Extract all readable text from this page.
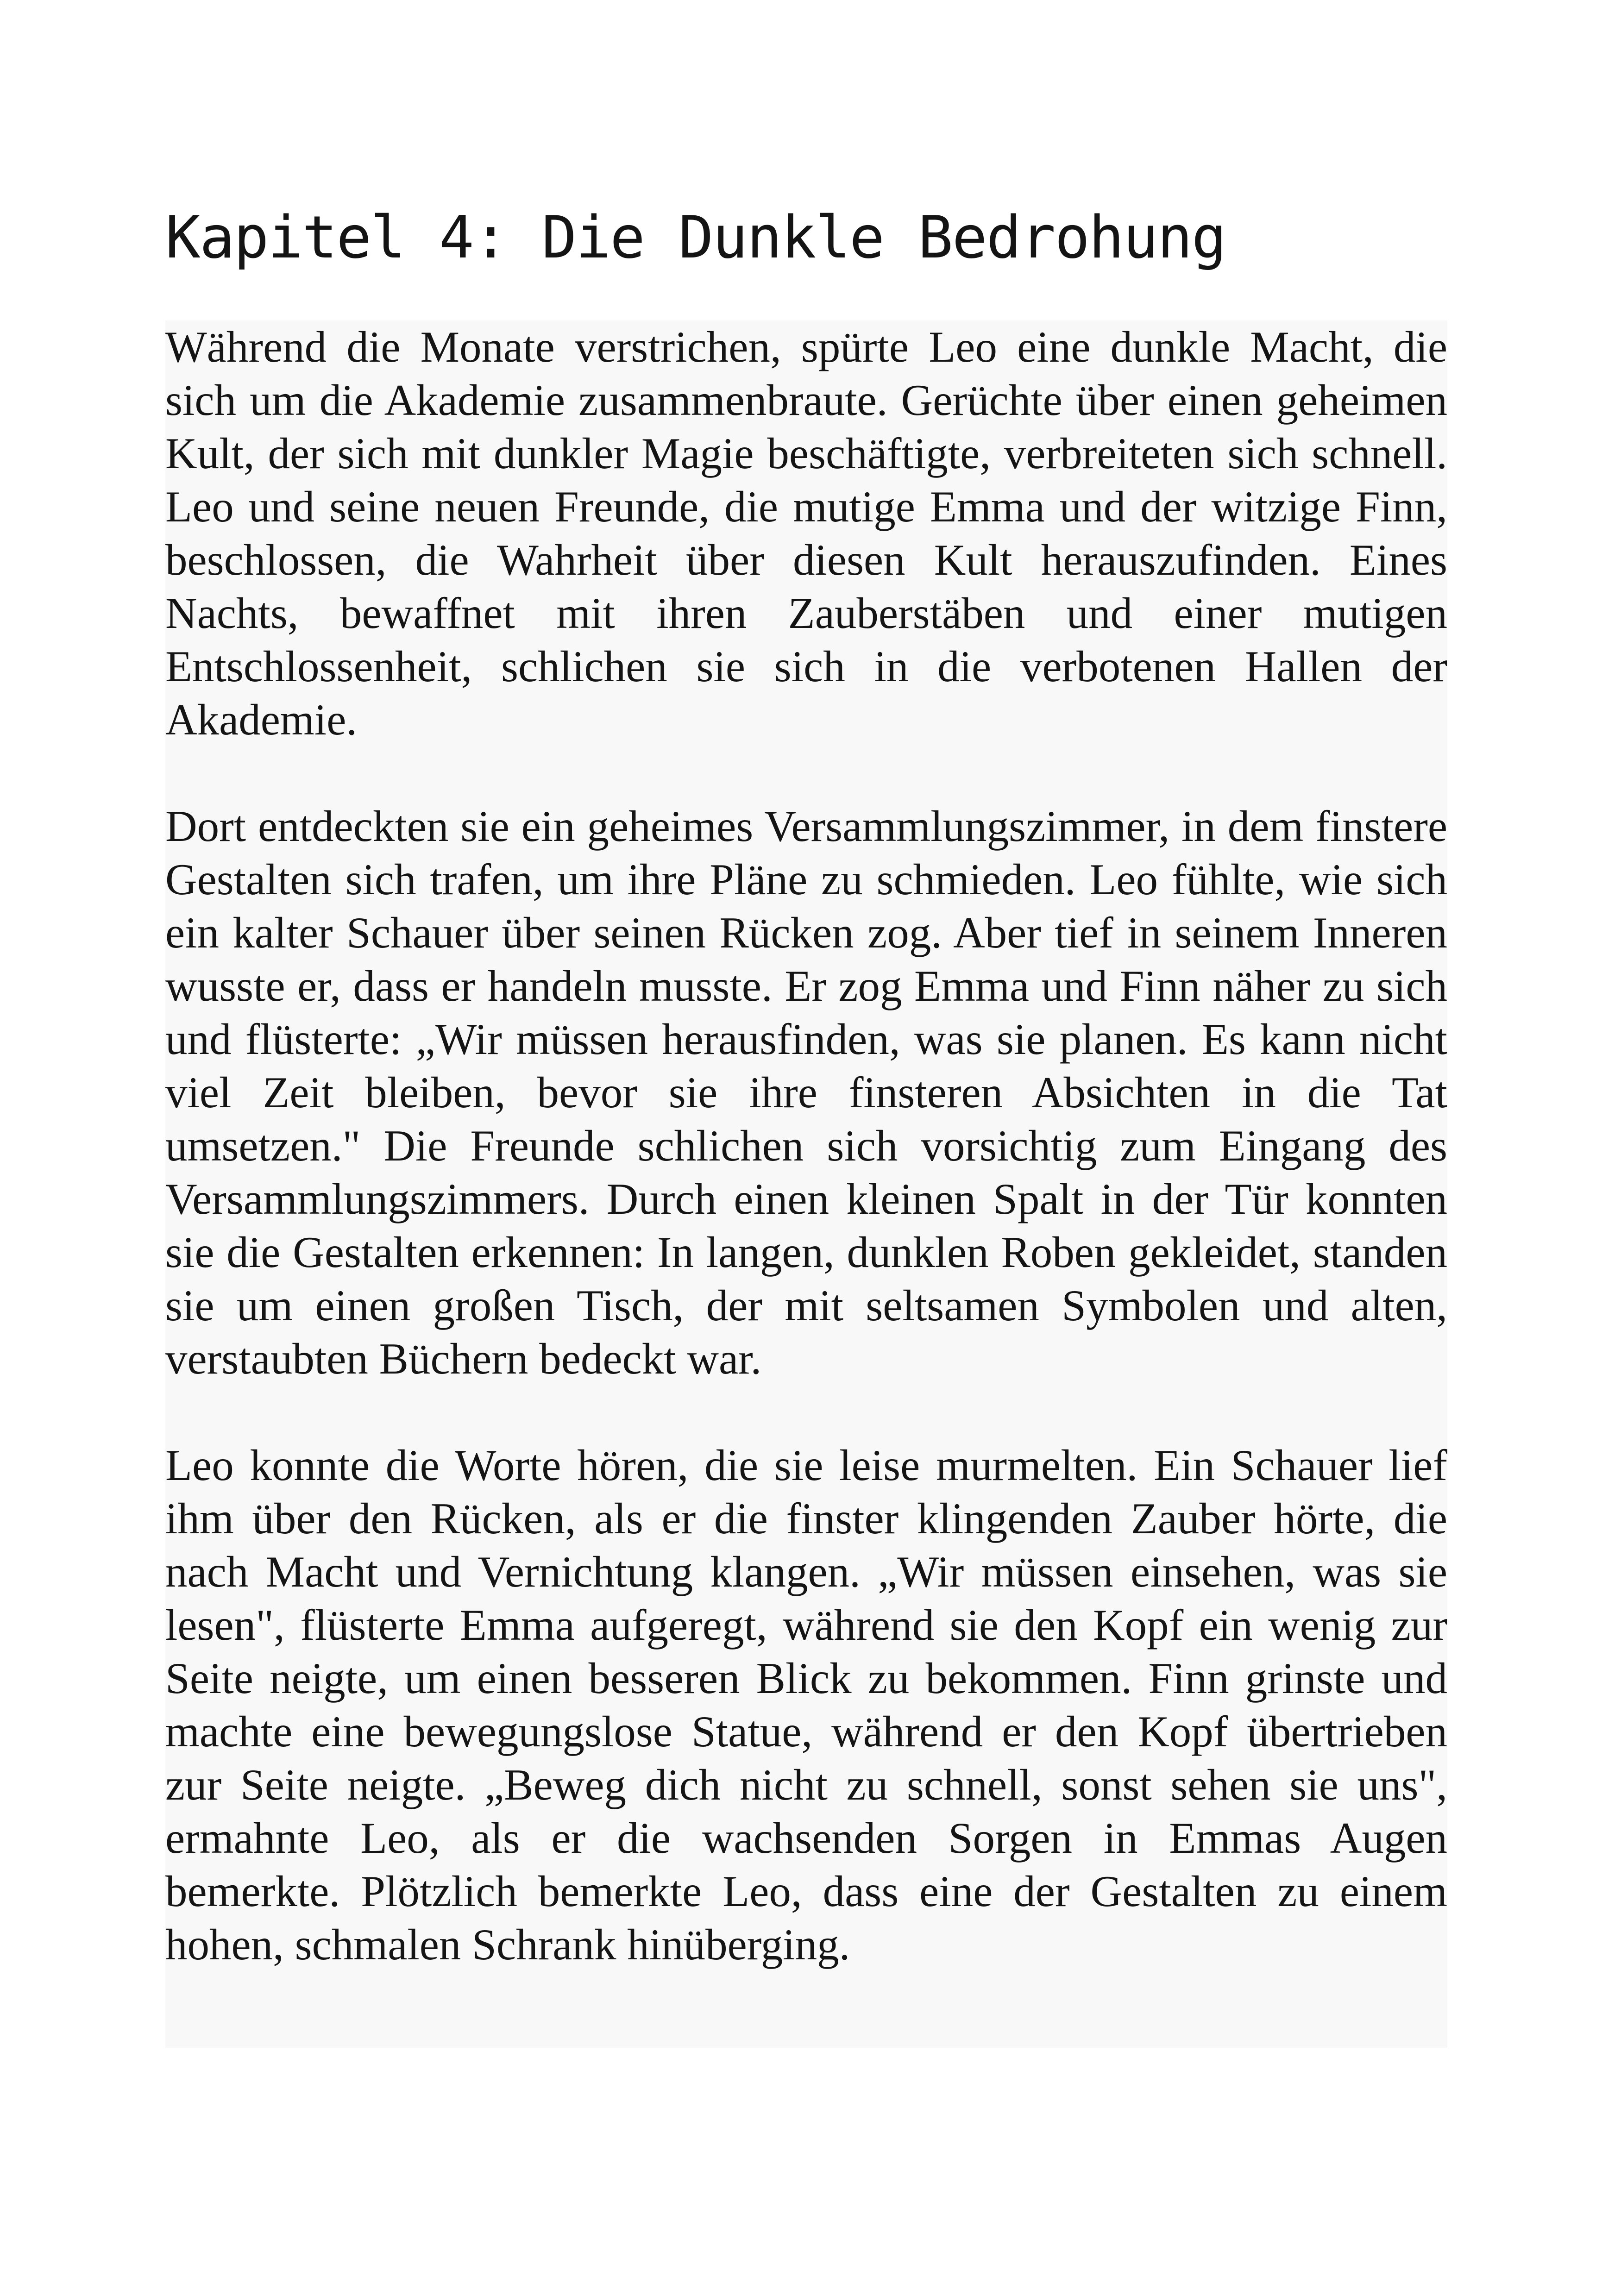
Kapitel 4: Die Dunkle Bedrohung

Während die Monate verstrichen, spürte Leo eine dunkle Macht, die sich um die Akademie zusammenbraute. Gerüchte über einen geheimen Kult, der sich mit dunkler Magie beschäftigte, verbreiteten sich schnell. Leo und seine neuen Freunde, die mutige Emma und der witzige Finn, beschlossen, die Wahrheit über diesen Kult herauszufinden. Eines Nachts, bewaffnet mit ihren Zauberstäben und einer mutigen Entschlossenheit, schlichen sie sich in die verbotenen Hallen der Akademie.

Dort entdeckten sie ein geheimes Versammlungszimmer, in dem finstere Gestalten sich trafen, um ihre Pläne zu schmieden. Leo fühlte, wie sich ein kalter Schauer über seinen Rücken zog. Aber tief in seinem Inneren wusste er, dass er handeln musste. Er zog Emma und Finn näher zu sich und flüsterte: „Wir müssen herausfinden, was sie planen. Es kann nicht viel Zeit bleiben, bevor sie ihre finsteren Absichten in die Tat umsetzen." Die Freunde schlichen sich vorsichtig zum Eingang des Versammlungszimmers. Durch einen kleinen Spalt in der Tür konnten sie die Gestalten erkennen: In langen, dunklen Roben gekleidet, standen sie um einen großen Tisch, der mit seltsamen Symbolen und alten, verstaubten Büchern bedeckt war.

Leo konnte die Worte hören, die sie leise murmelten. Ein Schauer lief ihm über den Rücken, als er die finster klingenden Zauber hörte, die nach Macht und Vernichtung klangen. „Wir müssen einsehen, was sie lesen", flüsterte Emma aufgeregt, während sie den Kopf ein wenig zur Seite neigte, um einen besseren Blick zu bekommen. Finn grinste und machte eine bewegungslose Statue, während er den Kopf übertrieben zur Seite neigte. „Beweg dich nicht zu schnell, sonst sehen sie uns", ermahnte Leo, als er die wachsenden Sorgen in Emmas Augen bemerkte. Plötzlich bemerkte Leo, dass eine der Gestalten zu einem hohen, schmalen Schrank hinüberging.
